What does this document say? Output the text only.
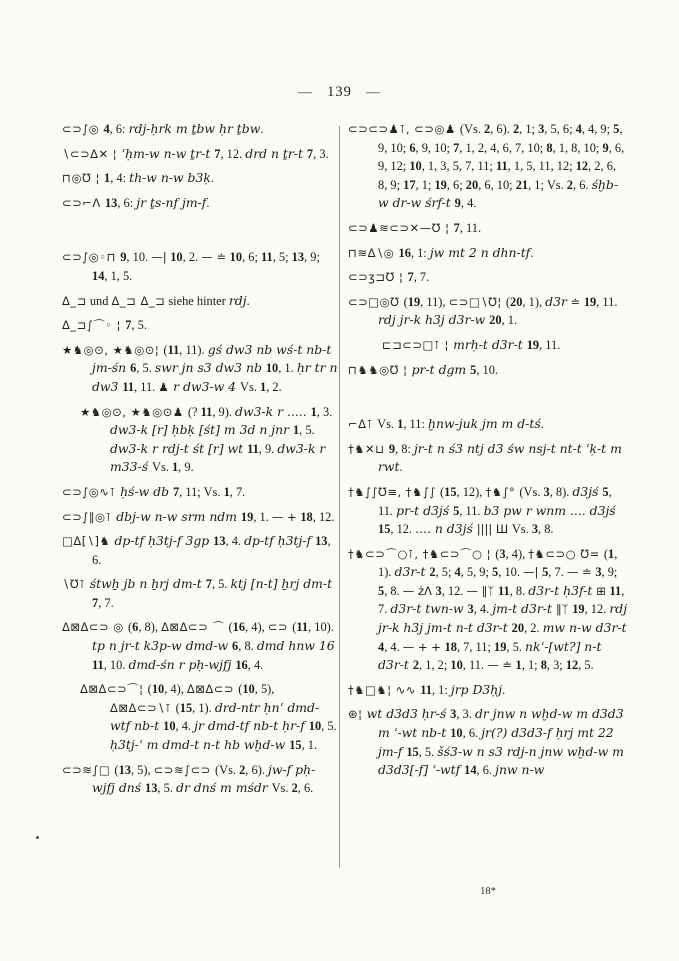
— 139 —

⊂⊃∫◎ 4, 6: rdj-ḥrk m ṯbw ḥr ṯbw.

∖⊂⊃Δ✕ ¦ ʿḥm-w n-w ṯr-t 7, 12. drd n ṯr-t 7, 3.

⊓◎℧ ¦ 1, 4: th-w n-w b3ḳ.

⊂⊃⌐Λ 13, 6: jr ṯs-nf jm-f.

⊂⊃∫◎◦⊓ 9, 10. —| 10, 2. — ≐ 10, 6; 11, 5; 13, 9; 14, 1, 5.

Δ_⊐ und Δ_⊐ Δ_⊐ siehe hinter rdj.

Δ_⊐∫⌒◦ ¦ 7, 5.

★♞◎⊙, ★♞◎⊙¦ (11, 11). gś dw3 nb wś-t nb-t jm-śn 6, 5. swr jn s3 dw3 nb 10, 1. ḥr tr n dw3 11, 11. ♟ r dw3-w 4 Vs. 1, 2.

★♞◎⊙, ★♞◎⊙♟ (? 11, 9). dw3-k r ..... 1, 3. dw3-k [r] ḥbḳ [śt] m 3d n jnr 1, 5. dw3-k r rdj-t śt [r] wt 11, 9. dw3-k r m33-ś Vs. 1, 9.

⊂⊃∫◎∿⊺ ḥś-w db 7, 11; Vs. 1, 7.

⊂⊃∫∥◎⊺ dbj-w n-w srm ndm 19, 1. — + 18, 12.

□Δ[∖]♞ dp-tf ḥ3tj-f 3gp 13, 4. dp-tf ḥ3tj-f 13, 6.

∖℧⊺ śtwẖ jb n ẖrj dm-t 7, 5. ktj [n-t] ẖrj dm-t 7, 7.

Δ⊠Δ⊂⊃ ◎ (6, 8), Δ⊠Δ⊂⊃ ⌒ (16, 4), ⊂⊃ (11, 10). tp n jr-t k3p-w dmd-w 6, 8. dmd hnw 16 11, 10. dmd-śn r pḥ-wjfj 16, 4.

Δ⊠Δ⊂⊃⌒¦ (10, 4), Δ⊠Δ⊂⊃ (10, 5), Δ⊠Δ⊂⊃∖⊺ (15, 1). drd-ntr ḥnʿ dmd-wtf nb-t 10, 4. jr dmd-tf nb-t ḥr-f 10, 5. ḥ3tj-ʿ m dmd-t n-t hb wḫd-w 15, 1.

⊂⊃≋∫□ (13, 5), ⊂⊃≋∫⊂⊃ (Vs. 2, 6). jw-f pḥ-wjfj dnś 13, 5. dr dnś m mśdr Vs. 2, 6.

⊂⊃⊂⊃♟⊺, ⊂⊃◎♟ (Vs. 2, 6). 2, 1; 3, 5, 6; 4, 4, 9; 5, 9, 10; 6, 9, 10; 7, 1, 2, 4, 6, 7, 10; 8, 1, 8, 10; 9, 6, 9, 12; 10, 1, 3, 5, 7, 11; 11, 1, 5, 11, 12; 12, 2, 6, 8, 9; 17, 1; 19, 6; 20, 6, 10; 21, 1; Vs. 2, 6. śḫb-w dr-w śrf-t 9, 4.

⊂⊃♟≋⊂⊃✕—℧ ¦ 7, 11.

⊓≋Δ∖◎ 16, 1: jw mt 2 n dhn-tf.

⊂⊃ʒ⊐℧ ¦ 7, 7.

⊂⊃□◎℧ (19, 11), ⊂⊃□∖℧¦ (20, 1), d3r ≐ 19, 11. rdj jr-k h3j d3r-w 20, 1.

⊏⊐⊂⊃□⊺ ¦ mrḥ-t d3r-t 19, 11.

⊓♞♞◎℧ ¦ pr-t dgm 5, 10.

⌐Δ⊺ Vs. 1, 11: ḫnw-juk jm m d-tś.

†♞✕⊔ 9, 8: jr-t n ś3 ntj d3 św nsj-t nt-t ʿḳ-t m rwt.

†♞∫∫℧≡, †♞∫∫ (15, 12), †♞∫° (Vs. 3, 8). d3jś 5, 11. pr-t d3jś 5, 11. b3 pw r wnm .... d3jś 15, 12. .... n d3jś |||| Ш Vs. 3, 8.

†♞⊂⊃⌒○⊺, †♞⊂⊃⌒○ ¦ (3, 4), †♞⊂⊃○ ℧= (1, 1). d3r-t 2, 5; 4, 5, 9; 5, 10. —| 5, 7. — ≐ 3, 9; 5, 8. — żΛ 3, 12. — ∥ᛉ 11, 8. d3r-t ḥ3f-t ⊞ 11, 7. d3r-t twn-w 3, 4. jm-t d3r-t ∥ᛉ 19, 12. rdj jr-k h3j jm-t n-t d3r-t 20, 2. mw n-w d3r-t 4, 4. — + + 18, 7, 11; 19, 5. nkʿ-[wt?] n-t d3r-t 2, 1, 2; 10, 11. — ≐ 1, 1; 8, 3; 12, 5.

†♞□♞¦ ∿∿ 11, 1: jrp D3ḥj.

⊛¦ wt d3d3 ḥr-ś 3, 3. dr jnw n wḫd-w m d3d3 m ʿ-wt nb-t 10, 6. jr(?) d3d3-f ḥrj mt 22 jm-f 15, 5. šś3-w n s3 rdj-n jnw wḫd-w m d3d3[-f] ʿ-wtf 14, 6. jnw n-w

18*
